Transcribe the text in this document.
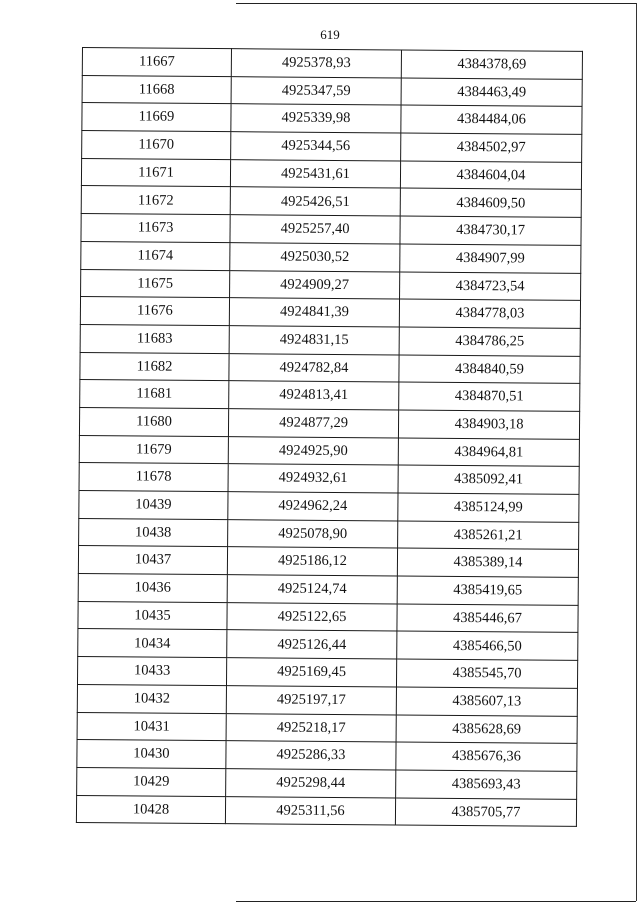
619
11667	4925378,93	4384378,69
11668	4925347,59	4384463,49
11669	4925339,98	4384484,06
11670	4925344,56	4384502,97
11671	4925431,61	4384604,04
11672	4925426,51	4384609,50
11673	4925257,40	4384730,17
11674	4925030,52	4384907,99
11675	4924909,27	4384723,54
11676	4924841,39	4384778,03
11683	4924831,15	4384786,25
11682	4924782,84	4384840,59
11681	4924813,41	4384870,51
11680	4924877,29	4384903,18
11679	4924925,90	4384964,81
11678	4924932,61	4385092,41
10439	4924962,24	4385124,99
10438	4925078,90	4385261,21
10437	4925186,12	4385389,14
10436	4925124,74	4385419,65
10435	4925122,65	4385446,67
10434	4925126,44	4385466,50
10433	4925169,45	4385545,70
10432	4925197,17	4385607,13
10431	4925218,17	4385628,69
10430	4925286,33	4385676,36
10429	4925298,44	4385693,43
10428	4925311,56	4385705,77
